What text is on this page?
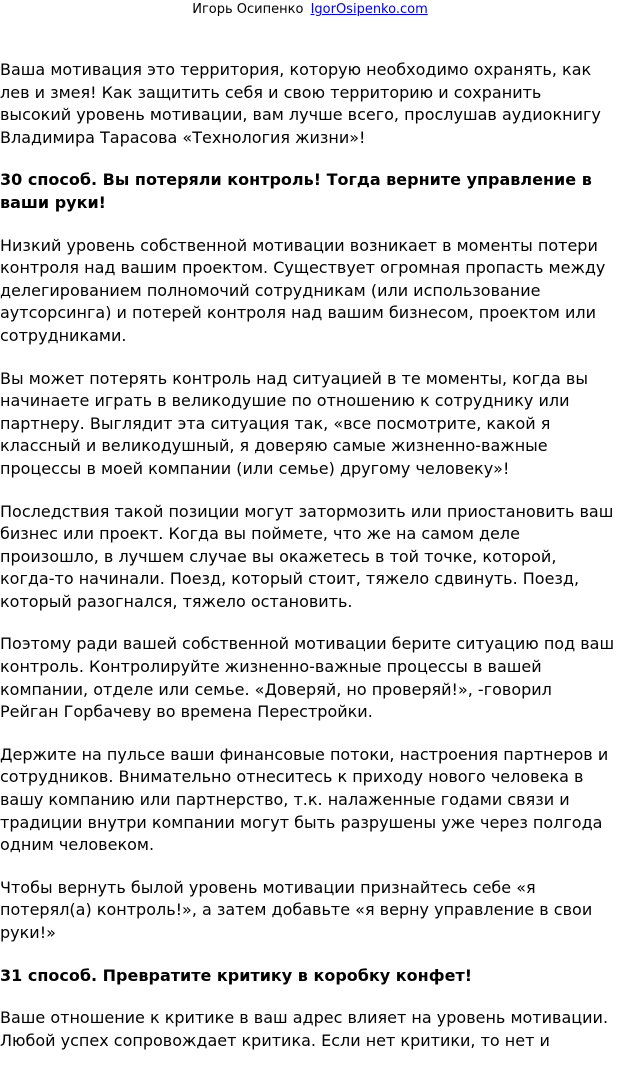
Игорь Осипенко IgorOsipenko.com

Ваша мотивация это территория, которую необходимо охранять, как
лев и змея! Как защитить себя и свою территорию и сохранить
высокий уровень мотивации, вам лучше всего, прослушав аудиокнигу
Владимира Тарасова «Технология жизни»!

30 способ. Вы потеряли контроль! Тогда верните управление в
ваши руки!

Низкий уровень собственной мотивации возникает в моменты потери
контроля над вашим проектом. Существует огромная пропасть между
делегированием полномочий сотрудникам (или использование
аутсорсинга) и потерей контроля над вашим бизнесом, проектом или
сотрудниками.

Вы может потерять контроль над ситуацией в те моменты, когда вы
начинаете играть в великодушие по отношению к сотруднику или
партнеру. Выглядит эта ситуация так, «все посмотрите, какой я
классный и великодушный, я доверяю самые жизненно-важные
процессы в моей компании (или семье) другому человеку»!

Последствия такой позиции могут затормозить или приостановить ваш
бизнес или проект. Когда вы поймете, что же на самом деле
произошло, в лучшем случае вы окажетесь в той точке, которой,
когда-то начинали. Поезд, который стоит, тяжело сдвинуть. Поезд,
который разогнался, тяжело остановить.

Поэтому ради вашей собственной мотивации берите ситуацию под ваш
контроль. Контролируйте жизненно-важные процессы в вашей
компании, отделе или семье. «Доверяй, но проверяй!», -говорил
Рейган Горбачеву во времена Перестройки.

Держите на пульсе ваши финансовые потоки, настроения партнеров и
сотрудников. Внимательно отнеситесь к приходу нового человека в
вашу компанию или партнерство, т.к. налаженные годами связи и
традиции внутри компании могут быть разрушены уже через полгода
одним человеком.

Чтобы вернуть былой уровень мотивации признайтесь себе «я
потерял(а) контроль!», а затем добавьте «я верну управление в свои
руки!»

31 способ. Превратите критику в коробку конфет!

Ваше отношение к критике в ваш адрес влияет на уровень мотивации.
Любой успех сопровождает критика. Если нет критики, то нет и
